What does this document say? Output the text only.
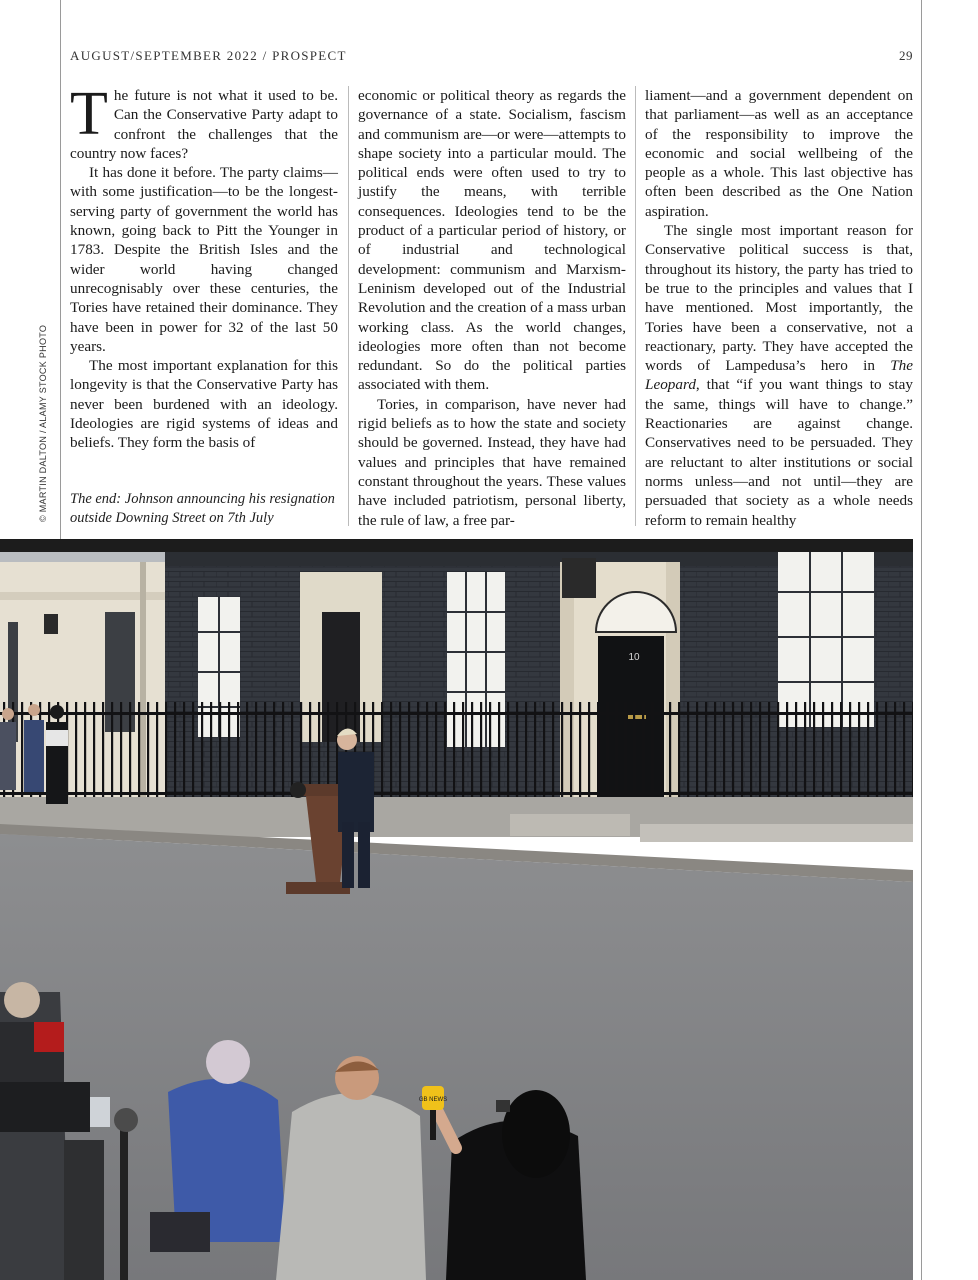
AUGUST/SEPTEMBER 2022 / PROSPECT	29

The future is not what it used to be. Can the Conservative Party adapt to confront the challenges that the country now faces?

It has done it before. The party claims—with some justification—to be the longest-serving party of government the world has known, going back to Pitt the Younger in 1783. Despite the British Isles and the wider world having changed unrecognisably over these centuries, the Tories have retained their dominance. They have been in power for 32 of the last 50 years.

The most important explanation for this longevity is that the Conservative Party has never been burdened with an ideology. Ideologies are rigid systems of ideas and beliefs. They form the basis of

The end: Johnson announcing his resignation outside Downing Street on 7th July
© MARTIN DALTON / ALAMY STOCK PHOTO

economic or political theory as regards the governance of a state. Socialism, fascism and communism are—or were—attempts to shape society into a particular mould. The political ends were often used to try to justify the means, with terrible consequences. Ideologies tend to be the product of a particular period of history, or of industrial and technological development: communism and Marxism-Leninism developed out of the Industrial Revolution and the creation of a mass urban working class. As the world changes, ideologies more often than not become redundant. So do the political parties associated with them.

Tories, in comparison, have never had rigid beliefs as to how the state and society should be governed. Instead, they have had values and principles that have remained constant throughout the years. These values have included patriotism, personal liberty, the rule of law, a free par-

liament—and a government dependent on that parliament—as well as an acceptance of the responsibility to improve the economic and social wellbeing of the people as a whole. This last objective has often been described as the One Nation aspiration.

The single most important reason for Conservative political success is that, throughout its history, the party has tried to be true to the principles and values that I have mentioned. Most importantly, the Tories have been a conservative, not a reactionary, party. They have accepted the words of Lampedusa’s hero in The Leopard, that “if you want things to stay the same, things will have to change.” Reactionaries are against change. Conservatives need to be persuaded. They are reluctant to alter institutions or social norms unless—and not until—they are persuaded that society as a whole needs reform to remain healthy

10
GB NEWS
